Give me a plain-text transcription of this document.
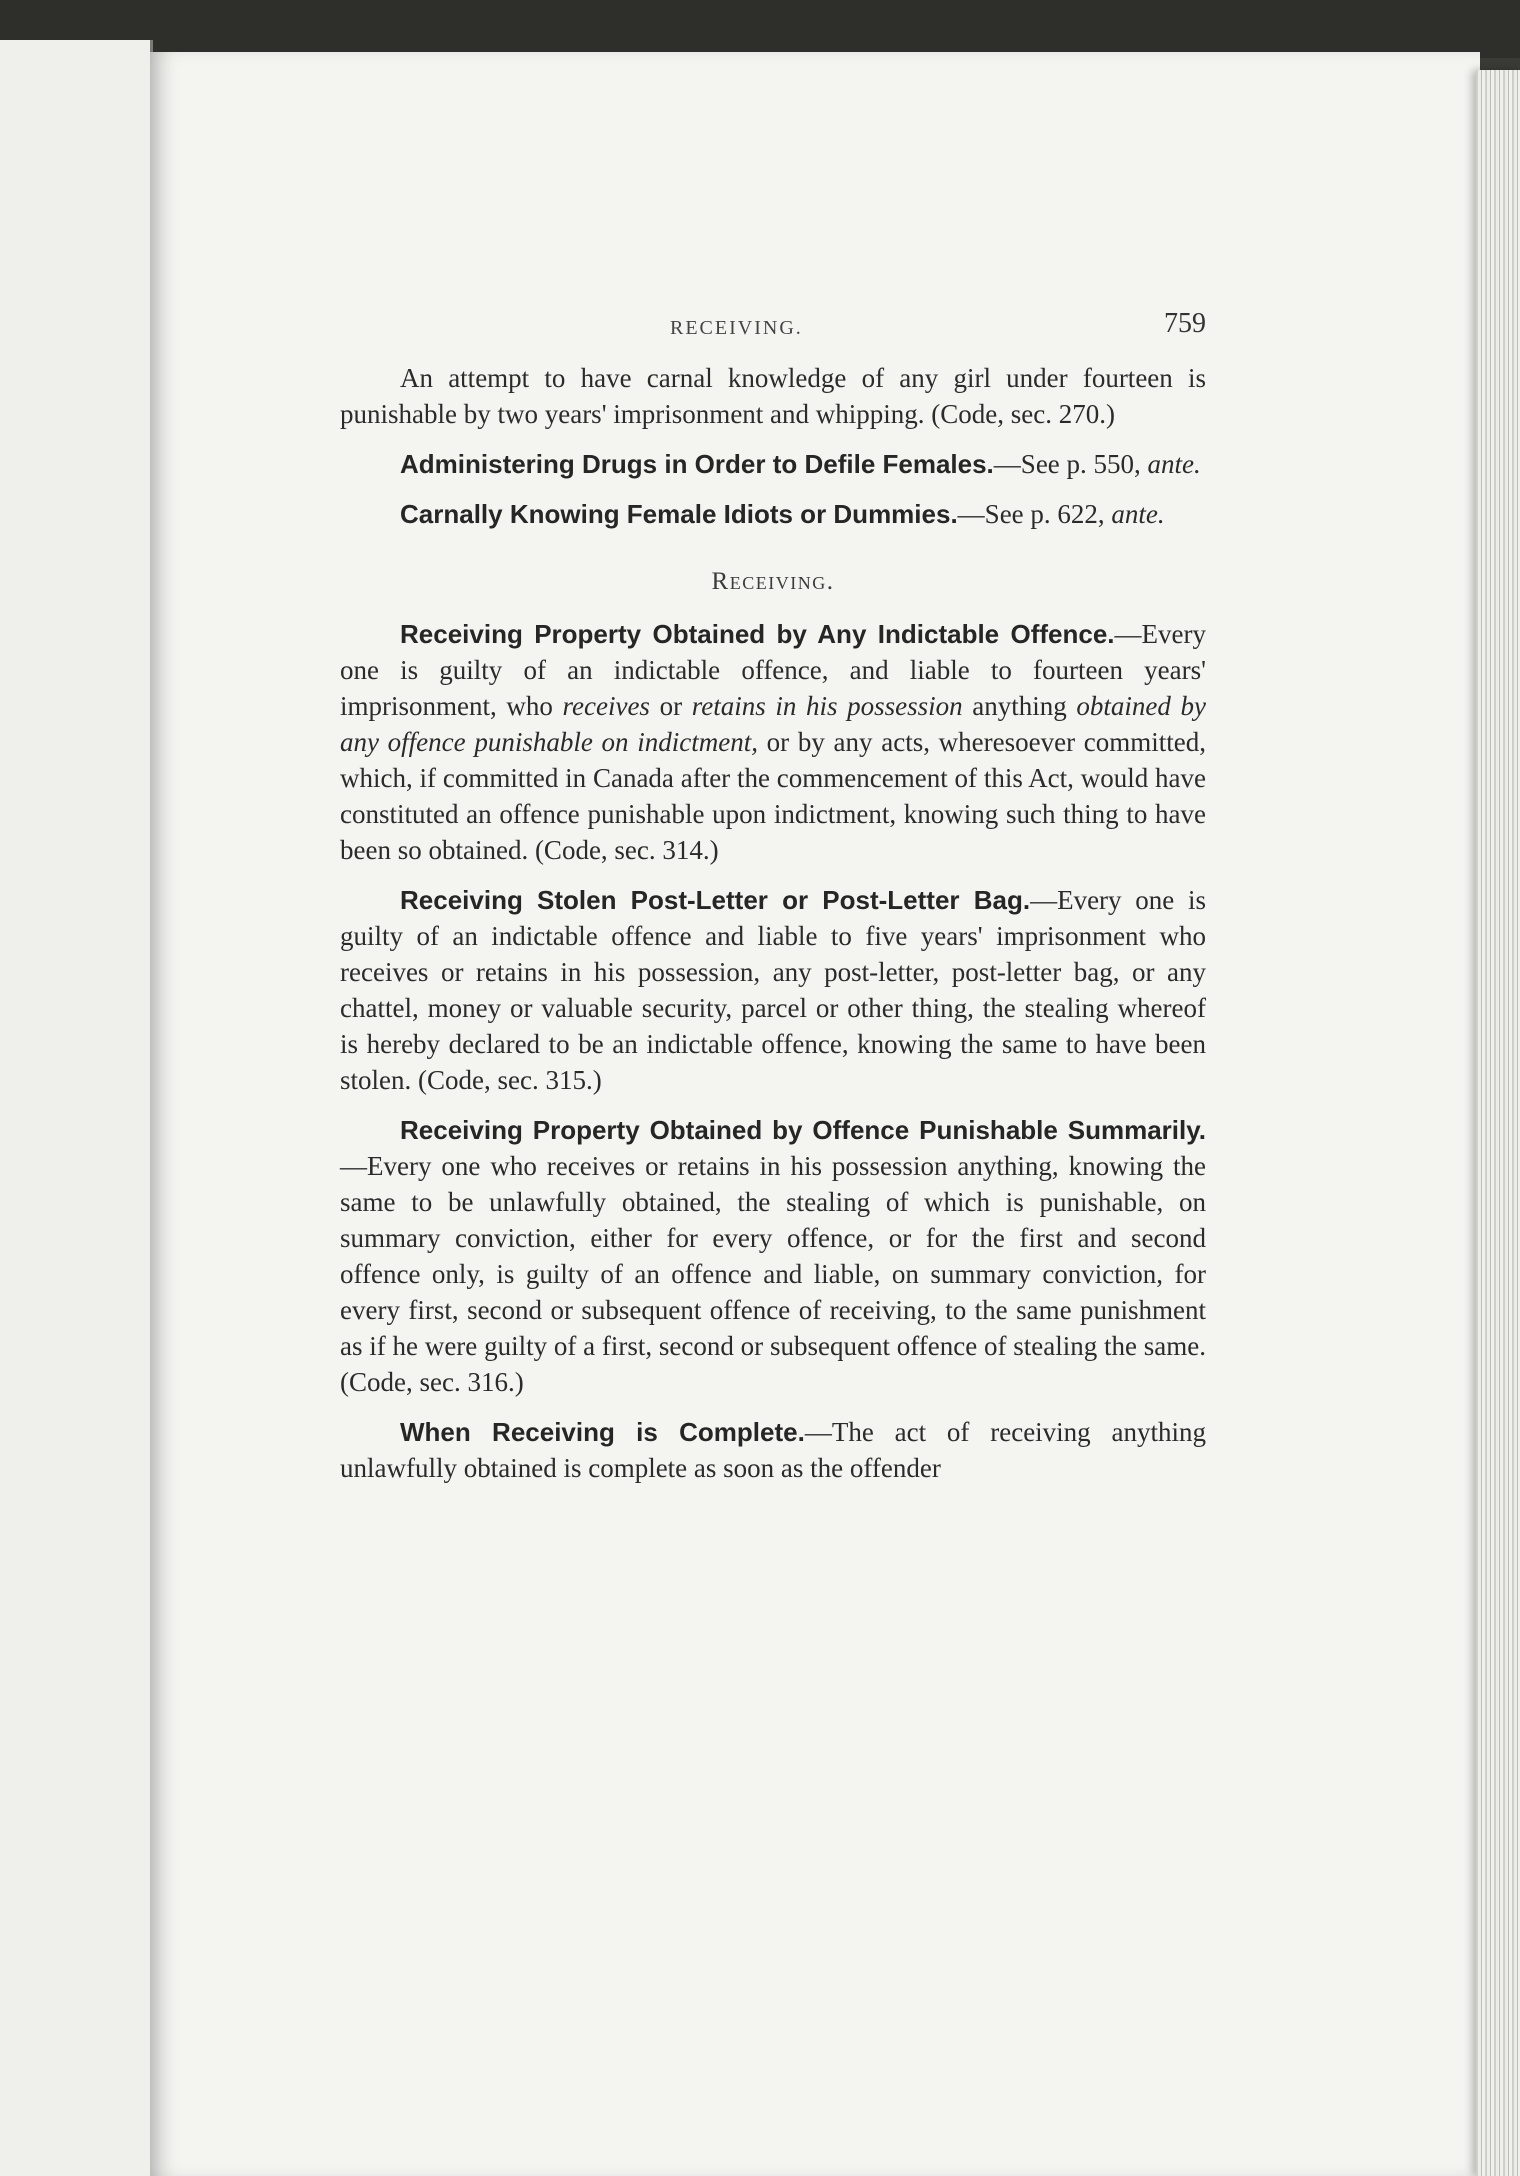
RECEIVING.	759

An attempt to have carnal knowledge of any girl under fourteen is punishable by two years' imprisonment and whipping. (Code, sec. 270.)

Administering Drugs in Order to Defile Females.—See p. 550, ante.

Carnally Knowing Female Idiots or Dummies.—See p. 622, ante.

Receiving.

Receiving Property Obtained by Any Indictable Offence.—Every one is guilty of an indictable offence, and liable to fourteen years' imprisonment, who receives or retains in his possession anything obtained by any offence punishable on indictment, or by any acts, wheresoever committed, which, if committed in Canada after the commencement of this Act, would have constituted an offence punishable upon indictment, knowing such thing to have been so obtained. (Code, sec. 314.)

Receiving Stolen Post-Letter or Post-Letter Bag.—Every one is guilty of an indictable offence and liable to five years' imprisonment who receives or retains in his possession, any post-letter, post-letter bag, or any chattel, money or valuable security, parcel or other thing, the stealing whereof is hereby declared to be an indictable offence, knowing the same to have been stolen. (Code, sec. 315.)

Receiving Property Obtained by Offence Punishable Summarily.—Every one who receives or retains in his possession anything, knowing the same to be unlawfully obtained, the stealing of which is punishable, on summary conviction, either for every offence, or for the first and second offence only, is guilty of an offence and liable, on summary conviction, for every first, second or subsequent offence of receiving, to the same punishment as if he were guilty of a first, second or subsequent offence of stealing the same. (Code, sec. 316.)

When Receiving is Complete.—The act of receiving anything unlawfully obtained is complete as soon as the offender
